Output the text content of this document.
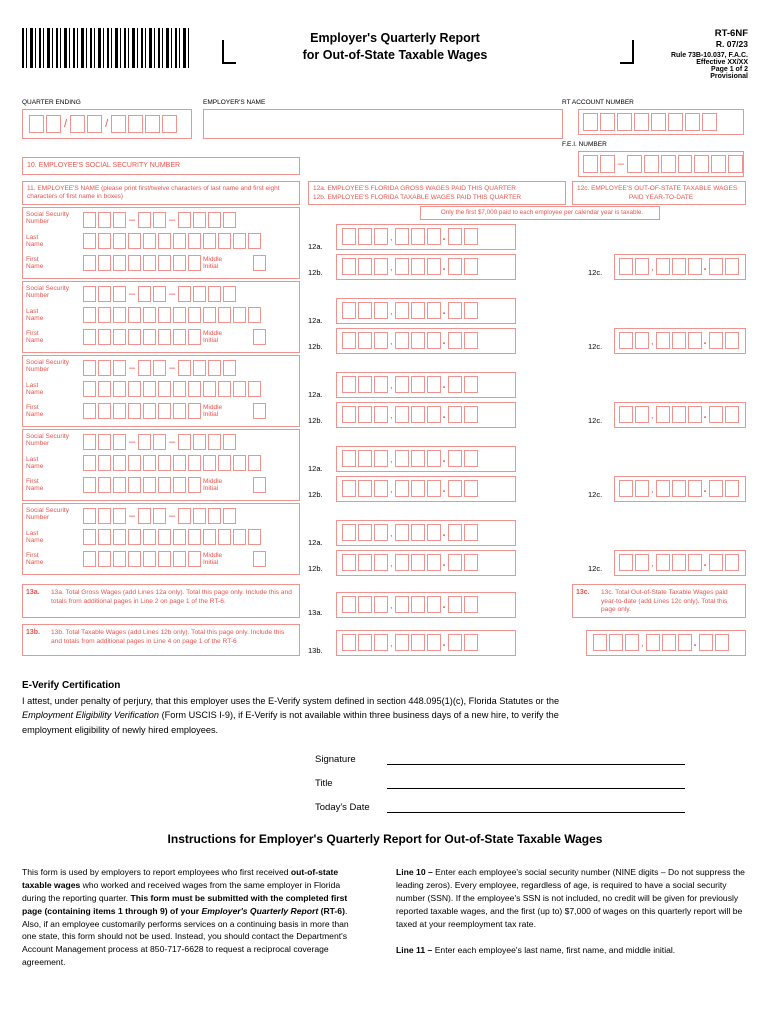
Employer's Quarterly Report
for Out-of-State Taxable Wages
RT-6NF
R. 07/23
Rule 73B-10.037, F.A.C.
Effective XX/XX
Page 1 of 2
Provisional
QUARTER ENDING
/	/
EMPLOYER'S NAME	RT ACCOUNT NUMBER
F.E.I. NUMBER
–
10. EMPLOYEE'S SOCIAL SECURITY NUMBER
11. EMPLOYEE'S NAME (please print first/twelve characters of last name and first eight characters of first name in boxes)
12a. EMPLOYEE'S FLORIDA GROSS WAGES PAID THIS QUARTER
12b. EMPLOYEE'S FLORIDA TAXABLE WAGES PAID THIS QUARTER
12c. EMPLOYEE'S OUT-OF-STATE TAXABLE WAGES
PAID YEAR-TO-DATE
Only the first $7,000 paid to each employee per calendar year is taxable.
Social Security
Number	–	–
Last
Name
First
Name
Middle
Initial
12a.
,	.
12b.
,	.	12c.
,	.
Social Security
Number	–	–
Last
Name
First
Name
Middle
Initial
12a.
,	.
12b.
,	.	12c.
,	.
Social Security
Number	–	–
Last
Name
First
Name
Middle
Initial
12a.
,	.
12b.
,	.	12c.
,	.
Social Security
Number	–	–
Last
Name
First
Name
Middle
Initial
12a.
,	.
12b.
,	.	12c.
,	.
Social Security
Number	–	–
Last
Name
First
Name
Middle
Initial
12a.
,	.
12b.
,	.	12c.
,	.
13a. 13a. Total Gross Wages (add Lines 12a only). Total this page only. Include this and totals from additional pages in Line 2 on page 1 of the RT-6.
13a.
,	.
13c. 13c. Total Out-of-State Taxable Wages paid year-to-date (add Lines 12c only). Total this page only.
,	.
13b. 13b. Total Taxable Wages (add Lines 12b only). Total this page only. Include this and totals from additional pages in Line 4 on page 1 of the RT-6
13b.
,	.
E-Verify Certification
I attest, under penalty of perjury, that this employer uses the E-Verify system defined in section 448.095(1)(c), Florida Statutes or the
Employment Eligibility Verification (Form USCIS I-9), if E-Verify is not available within three business days of a new hire, to verify the
employment eligibility of newly hired employees.
Signature
Title
Today's Date
Instructions for Employer's Quarterly Report for Out-of-State Taxable Wages

This form is used by employers to report employees who first received out-of-state taxable wages who worked and received wages from the same employer in Florida during the reporting quarter. This form must be submitted with the completed first page (containing items 1 through 9) of your Employer's Quarterly Report (RT-6). Also, if an employee customarily performs services on a continuing basis in more than one state, this form should not be used. Instead, you should contact the Department's Account Management process at 850-717-6628 to request a reciprocal coverage agreement.

Line 10 – Enter each employee's social security number (NINE digits – Do not suppress the leading zeros). Every employee, regardless of age, is required to have a social security number (SSN). If the employee's SSN is not included, no credit will be given for previously reported taxable wages, and the first (up to) $7,000 of wages on this quarterly report will be taxed at your reemployment tax rate.

Line 11 – Enter each employee's last name, first name, and middle initial.
